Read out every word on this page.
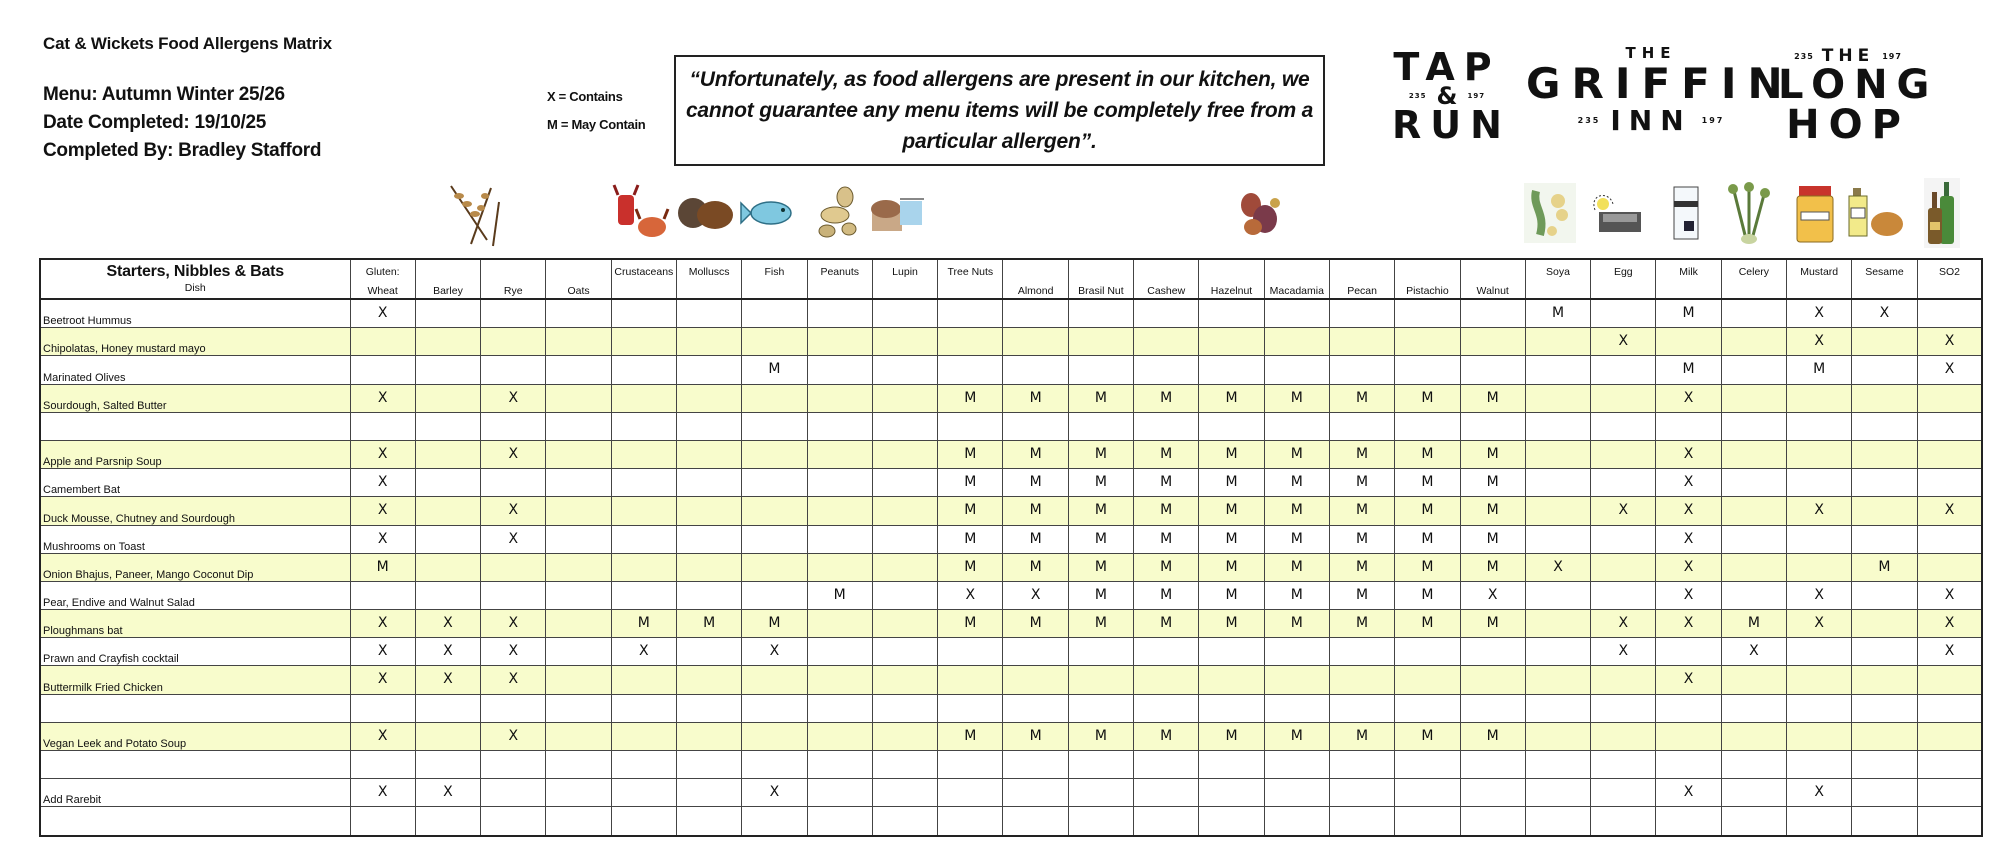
Cat & Wickets Food Allergens Matrix
Menu: Autumn Winter 25/26
Date Completed: 19/10/25
Completed By: Bradley Stafford
X = Contains
M = May Contain
“Unfortunately, as food allergens are present in our kitchen, we cannot guarantee any menu items will be completely free from a particular allergen”.
TAP
235 & 197
RUN
THE
GRIFFIN
235 INN 197
235 THE 197
LONG
HOP
Starters, Nibbles & Bats
Dish	Gluten:
Wheat	Barley	Rye	Oats	Crustaceans	Molluscs	Fish	Peanuts	Lupin	Tree Nuts	Almond	Brasil Nut	Cashew	Hazelnut	Macadamia	Pecan	Pistachio	Walnut	Soya	Egg	Milk	Celery	Mustard	Sesame	SO2

Beetroot Hummus	X																		M		M		X	X	
Chipolatas, Honey mustard mayo																				X			X		X
Marinated Olives							M														M		M		X
Sourdough, Salted Butter	X		X							M	M	M	M	M	M	M	M	M			X				

Apple and Parsnip Soup	X		X							M	M	M	M	M	M	M	M	M			X				
Camembert Bat	X									M	M	M	M	M	M	M	M	M			X				
Duck Mousse, Chutney and Sourdough	X		X							M	M	M	M	M	M	M	M	M		X	X		X		X
Mushrooms on Toast	X		X							M	M	M	M	M	M	M	M	M			X				
Onion Bhajus, Paneer, Mango Coconut Dip	M									M	M	M	M	M	M	M	M	M	X		X			M	
Pear, Endive and Walnut Salad								M		X	X	M	M	M	M	M	M	X			X		X		X
Ploughmans bat	X	X	X		M	M	M			M	M	M	M	M	M	M	M	M		X	X	M	X		X
Prawn and Crayfish cocktail	X	X	X		X		X													X		X			X
Buttermilk Fried Chicken	X	X	X																		X				

Vegan Leek and Potato Soup	X		X							M	M	M	M	M	M	M	M	M							

Add Rarebit	X	X					X														X		X		
